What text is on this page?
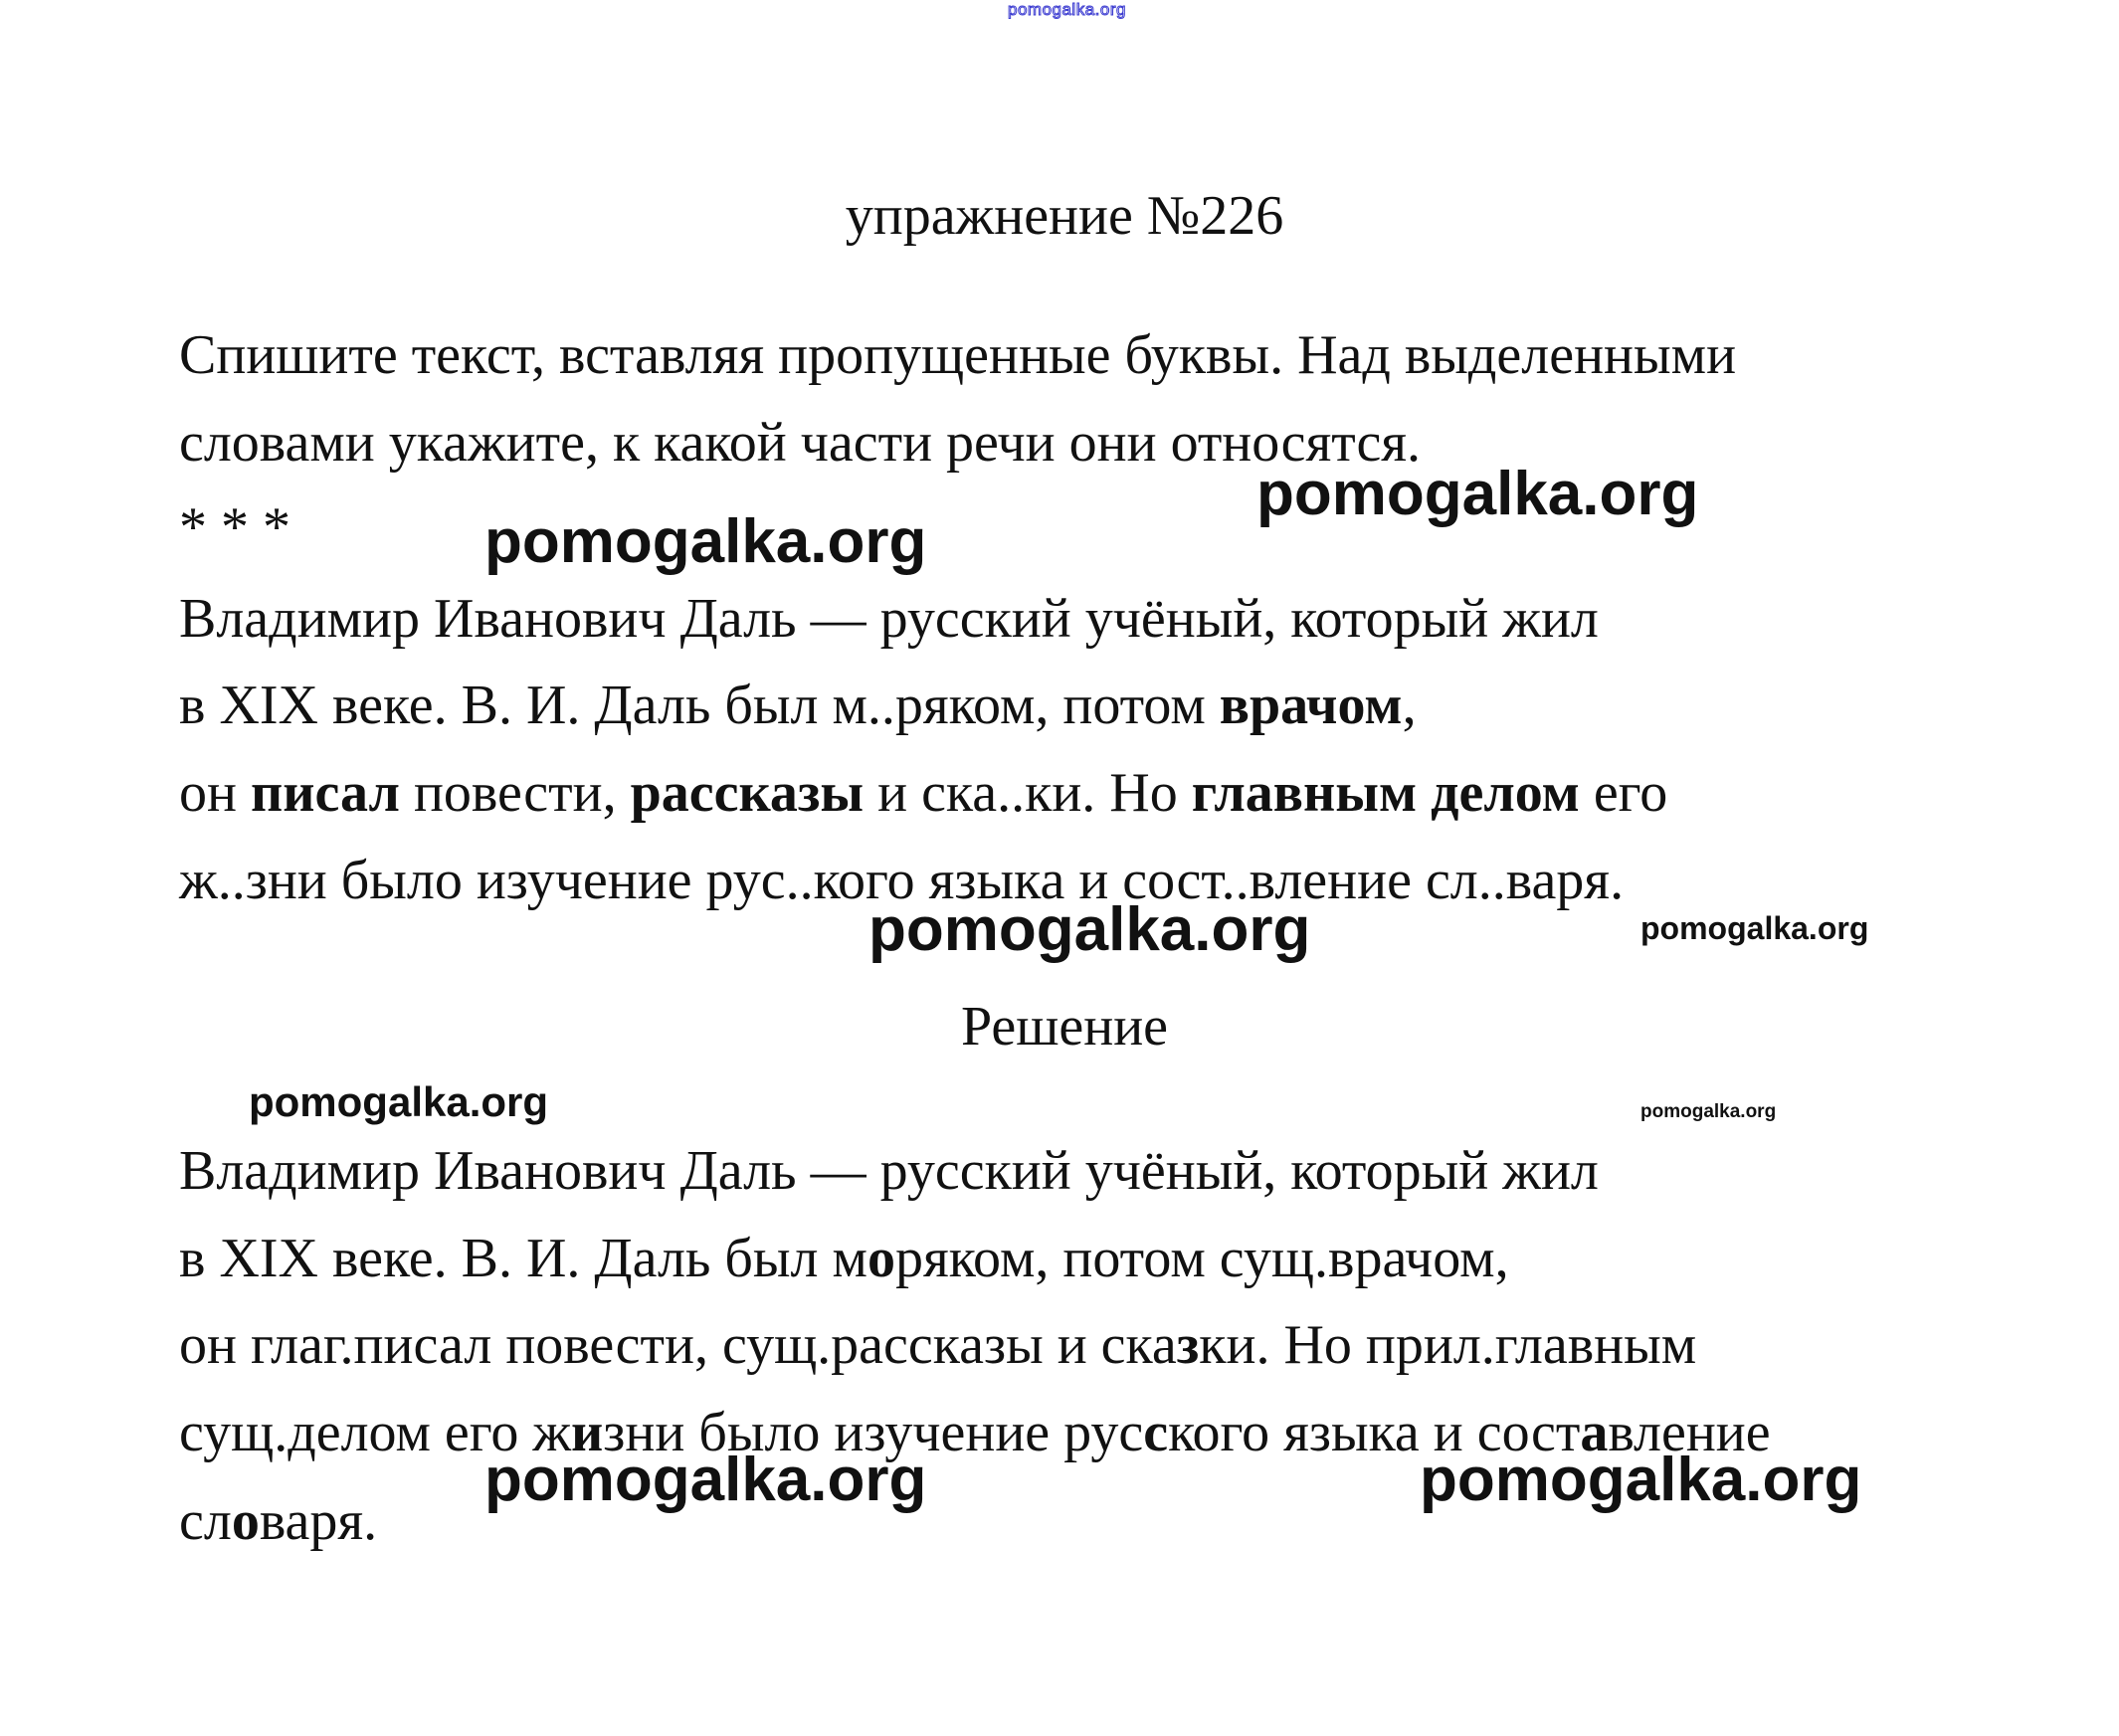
pomogalka.org
упражнение №226
Спишите текст, вставляя пропущенные буквы. Над выделенными
словами укажите, к какой части речи они относятся.
* * *
Владимир Иванович Даль — русский учёный, который жил
в XIX веке. В. И. Даль был м..ряком, потом врачом,
он писал повести, рассказы и ска..ки. Но главным делом его
ж..зни было изучение рус..кого языка и сост..вление сл..варя.
Решение
Владимир Иванович Даль — русский учёный, который жил
в XIX веке. В. И. Даль был моряком, потом сущ.врачом,
он глаг.писал повести, сущ.рассказы и сказки. Но прил.главным
сущ.делом его жизни было изучение русского языка и составление
словаря.
pomogalka.org
pomogalka.org
pomogalka.org	pomogalka.org
pomogalka.org	pomogalka.org
pomogalka.org	pomogalka.org
